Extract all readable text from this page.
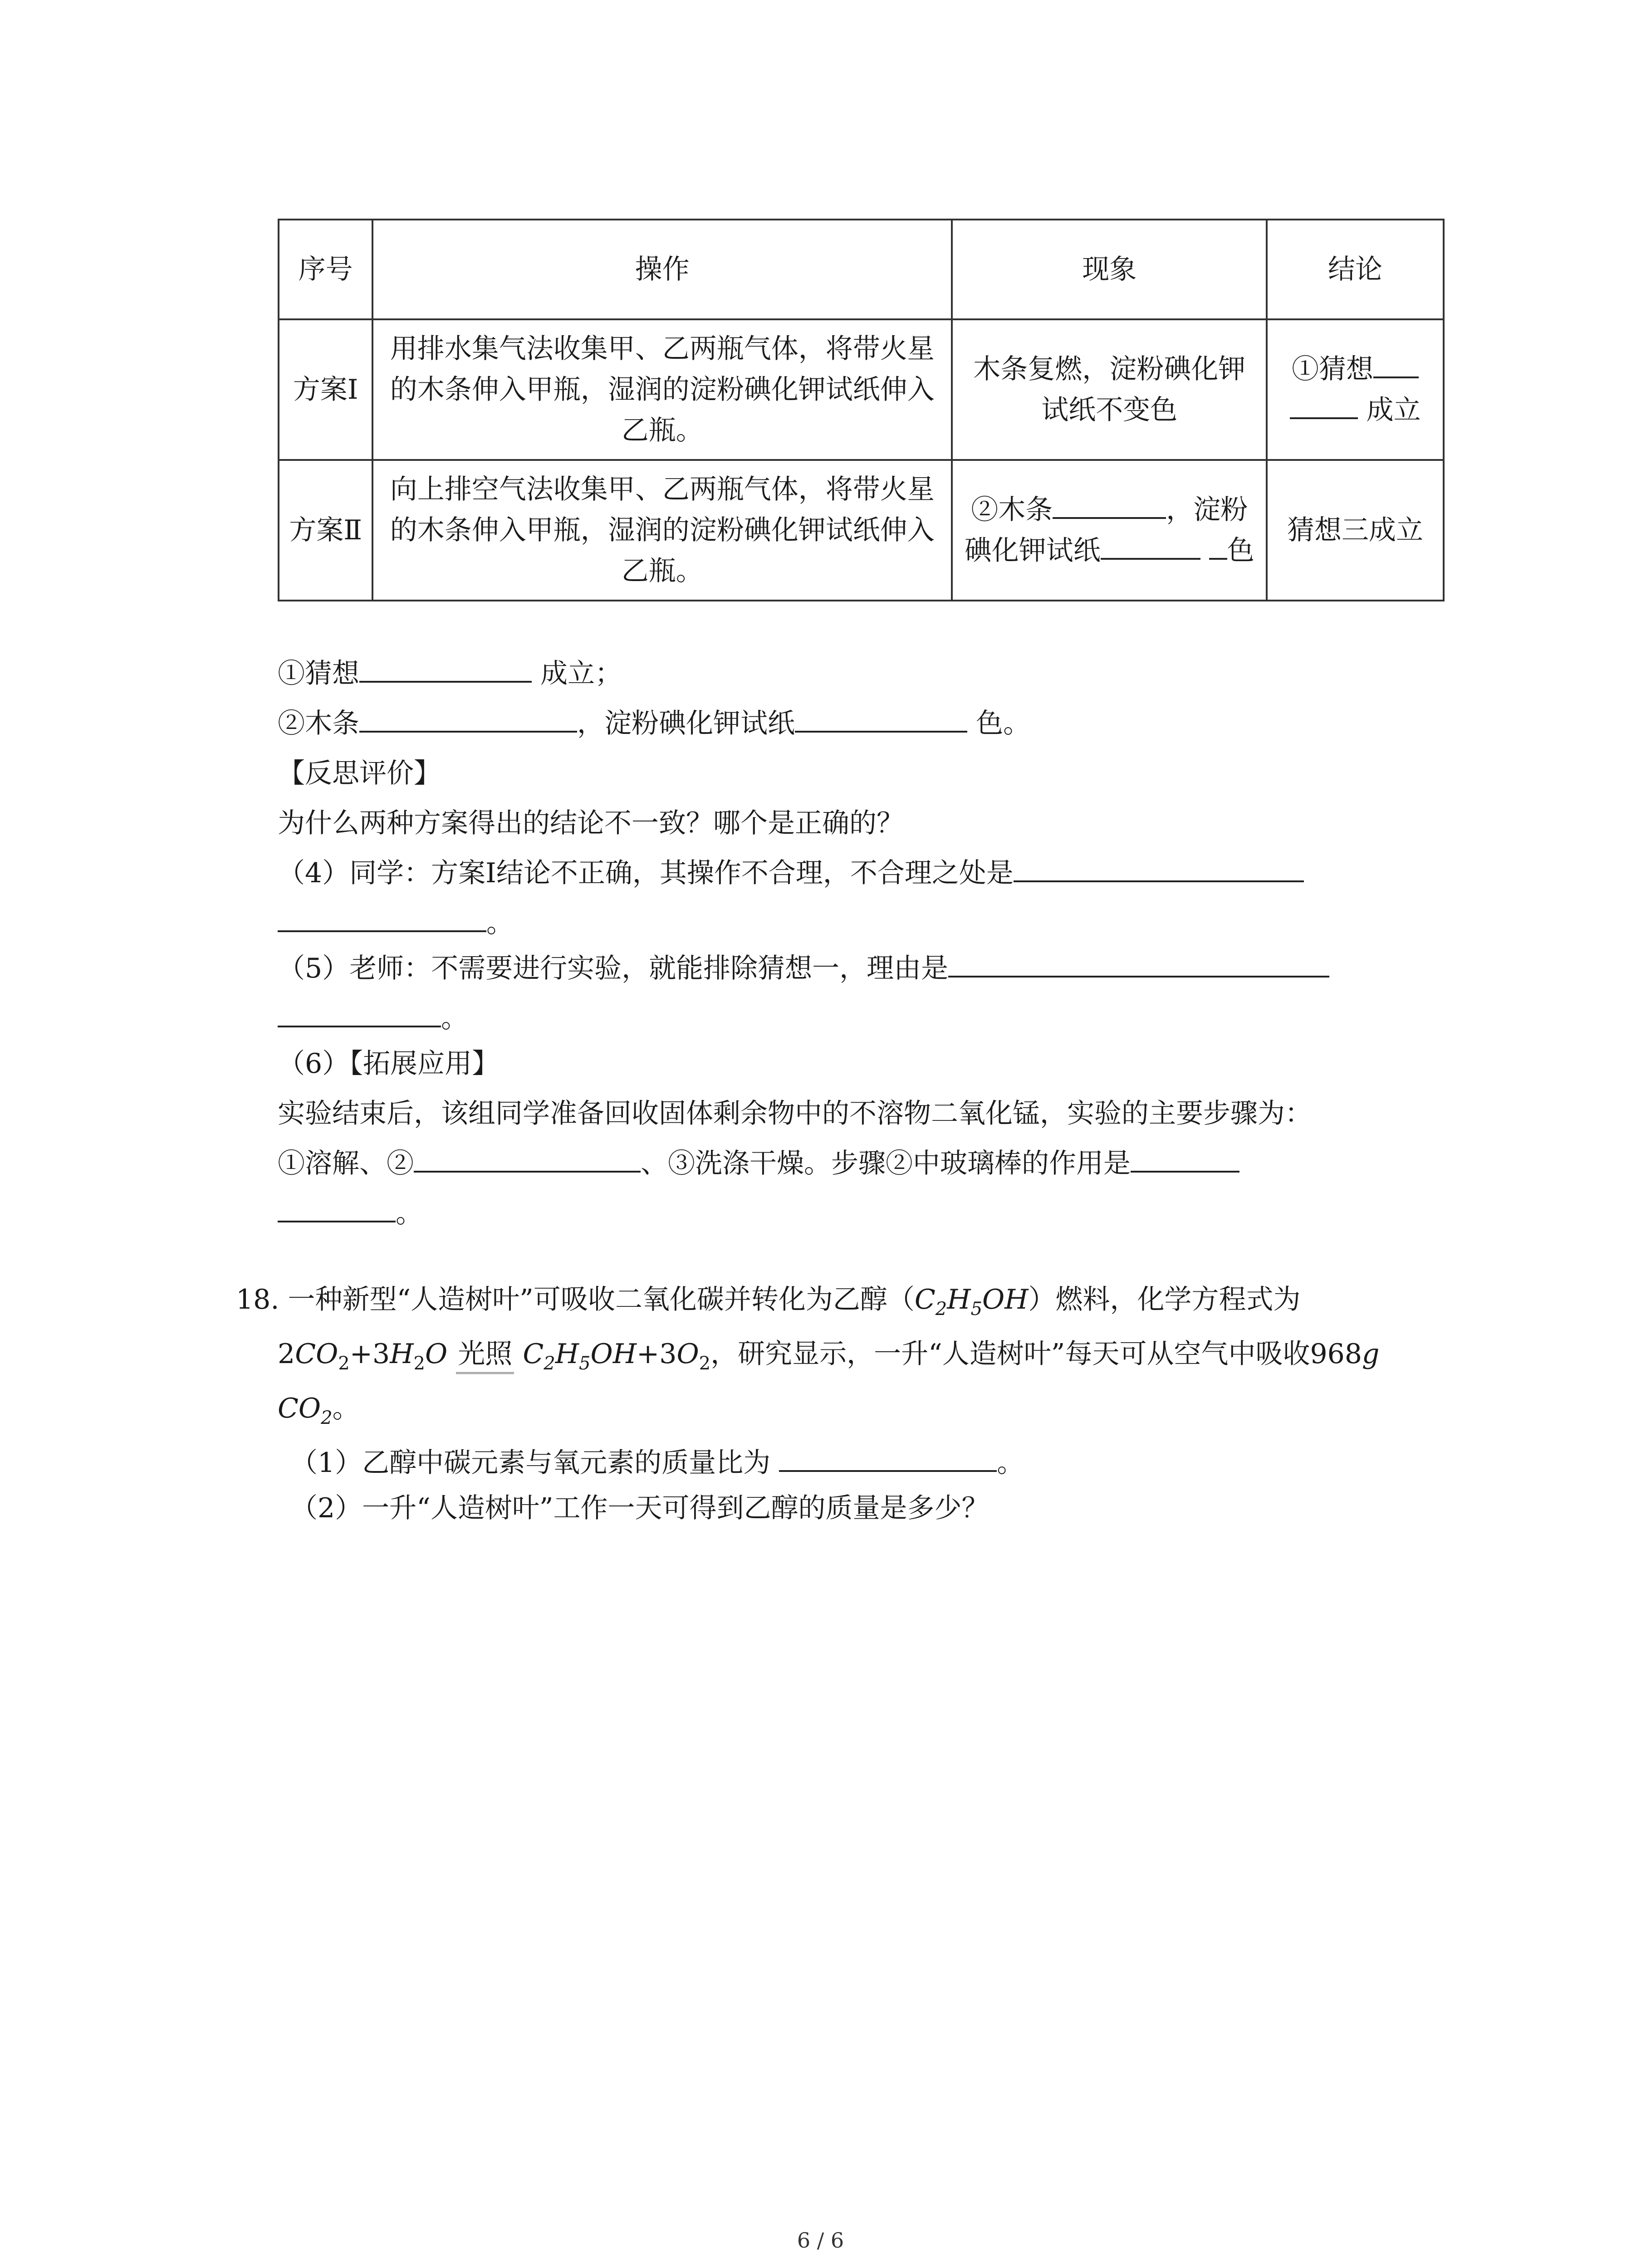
序号	操作	现象	结论
方案Ⅰ	用排水集气法收集甲、乙两瓶气体，将带火星的木条伸入甲瓶，湿润的淀粉碘化钾试纸伸入乙瓶。	木条复燃，淀粉碘化钾试纸不变色	①猜想  成立
方案Ⅱ	向上排空气法收集甲、乙两瓶气体，将带火星的木条伸入甲瓶，湿润的淀粉碘化钾试纸伸入乙瓶。	②木条 ，淀粉碘化钾试纸 色	猜想三成立
①猜想	成立；
②木条	，淀粉碘化钾试纸	色。
【反思评价】
为什么两种方案得出的结论不一致？哪个是正确的？
（4）同学：方案Ⅰ结论不正确，其操作不合理，不合理之处是
。
（5）老师：不需要进行实验，就能排除猜想一，理由是
。
（6）【拓展应用】
实验结束后，该组同学准备回收固体剩余物中的不溶物二氧化锰，实验的主要步骤为：
①溶解、②	、③洗涤干燥。步骤②中玻璃棒的作用是
。
18. 一种新型“人造树叶”可吸收二氧化碳并转化为乙醇$(C_2H_5OH)$燃料，化学方程式为
$2CO_2+3H_2O$ 光照 $C_2H_5OH+3O_2$，研究显示，一升“人造树叶”每天可从空气中吸收968g
$CO_2$。
（1）乙醇中碳元素与氧元素的质量比为	。
（2）一升“人造树叶”工作一天可得到乙醇的质量是多少？
6 / 6
